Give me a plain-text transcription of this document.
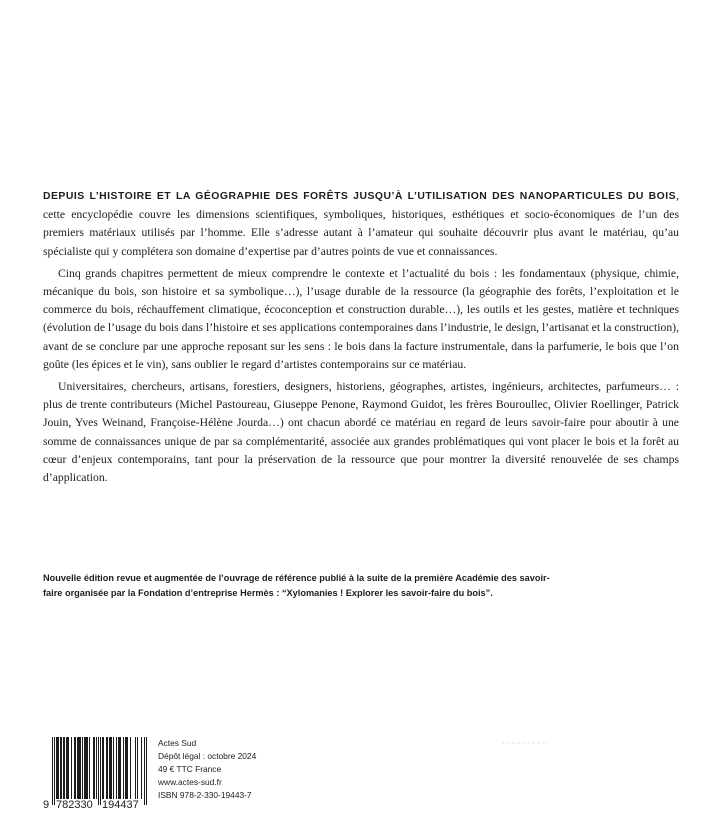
DEPUIS L’HISTOIRE ET LA GÉOGRAPHIE DES FORÊTS JUSQU’À L’UTILISATION DES NANOPARTICULES DU BOIS, cette encyclopédie couvre les dimensions scientifiques, symboliques, historiques, esthétiques et socio-économiques de l’un des premiers matériaux utilisés par l’homme. Elle s’adresse autant à l’amateur qui souhaite découvrir plus avant le matériau, qu’au spécialiste qui y complétera son domaine d’expertise par d’autres points de vue et connaissances.

Cinq grands chapitres permettent de mieux comprendre le contexte et l’actualité du bois : les fondamentaux (physique, chimie, mécanique du bois, son histoire et sa symbolique…), l’usage durable de la ressource (la géographie des forêts, l’exploitation et le commerce du bois, réchauffement climatique, écoconception et construction durable…), les outils et les gestes, matière et techniques (évolution de l’usage du bois dans l’histoire et ses applications contemporaines dans l’industrie, le design, l’artisanat et la construction), avant de se conclure par une approche reposant sur les sens : le bois dans la facture instrumentale, dans la parfumerie, le bois que l’on goûte (les épices et le vin), sans oublier le regard d’artistes contemporains sur ce matériau.

Universitaires, chercheurs, artisans, forestiers, designers, historiens, géographes, artistes, ingénieurs, architectes, parfumeurs… : plus de trente contributeurs (Michel Pastoureau, Giuseppe Penone, Raymond Guidot, les frères Bouroullec, Olivier Roellinger, Patrick Jouin, Yves Weinand, Françoise-Hélène Jourda…) ont chacun abordé ce matériau en regard de leurs savoir-faire pour aboutir à une somme de connaissances unique de par sa complémentarité, associée aux grandes problématiques qui vont placer le bois et la forêt au cœur d’enjeux contemporains, tant pour la préservation de la ressource que pour montrer la diversité renouvelée de ses champs d’application.

Nouvelle édition revue et augmentée de l’ouvrage de référence publié à la suite de la première Académie des savoir-faire organisée par la Fondation d’entreprise Hermès : “Xylomanies ! Explorer les savoir-faire du bois”.
9 782330 194437
Actes Sud
Dépôt légal : octobre 2024
49 € TTC France
www.actes-sud.fr
ISBN 978-2-330-19443-7
